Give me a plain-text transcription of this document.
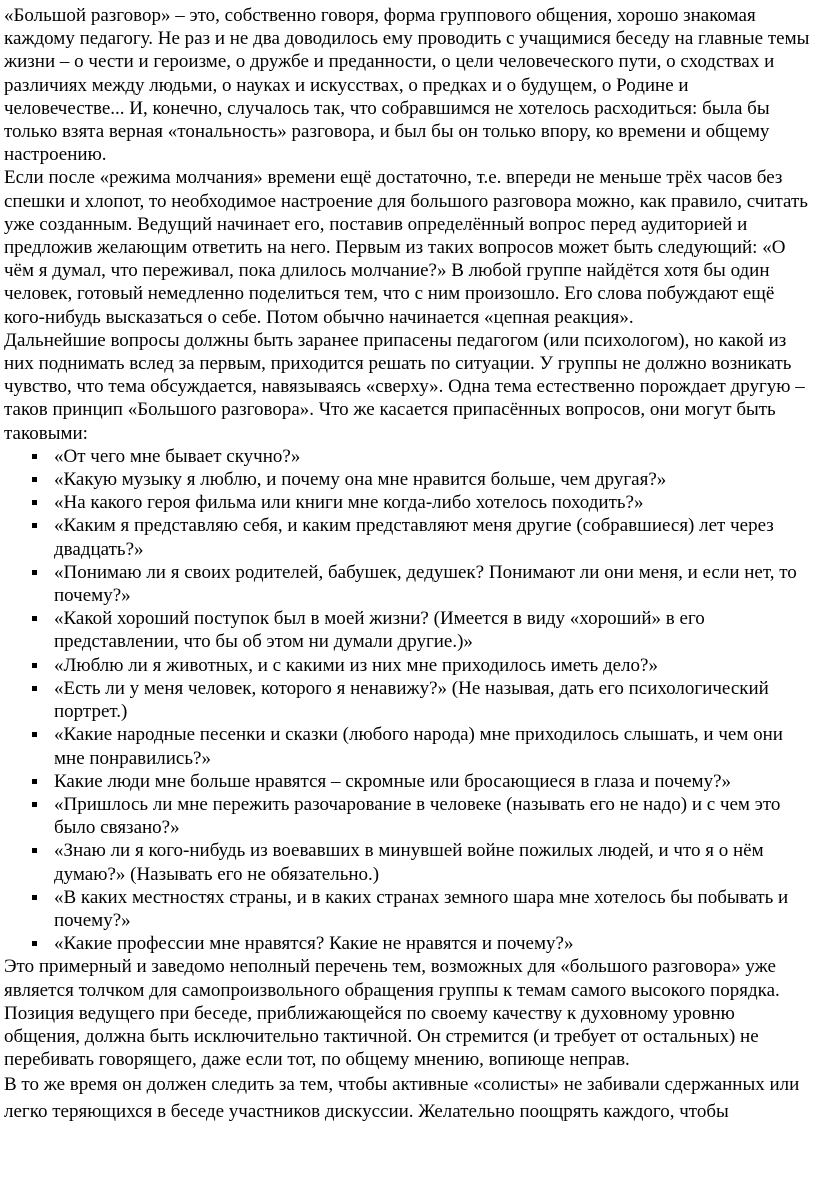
«Большой разговор» – это, собственно говоря, форма группового общения, хорошо знакомая каждому педагогу. Не раз и не два доводилось ему проводить с учащимися беседу на главные темы жизни – о чести и героизме, о дружбе и преданности, о цели человеческого пути, о сходствах и различиях между людьми, о науках и искусствах, о предках и о будущем, о Родине и человечестве... И, конечно, случалось так, что собравшимся не хотелось расходиться: была бы только взята верная «тональность» разговора, и был бы он только впору, ко времени и общему настроению.

Если после «режима молчания» времени ещё достаточно, т.е. впереди не меньше трёх часов без спешки и хлопот, то необходимое настроение для большого разговора можно, как правило, считать уже созданным. Ведущий начинает его, поставив определённый вопрос перед аудиторией и предложив желающим ответить на него. Первым из таких вопросов может быть следующий: «О чём я думал, что переживал, пока длилось молчание?» В любой группе найдётся хотя бы один человек, готовый немедленно поделиться тем, что с ним произошло. Его слова побуждают ещё кого-нибудь высказаться о себе. Потом обычно начинается «цепная реакция».

Дальнейшие вопросы должны быть заранее припасены педагогом (или психологом), но какой из них поднимать вслед за первым, приходится решать по ситуации. У группы не должно возникать чувство, что тема обсуждается, навязываясь «сверху». Одна тема естественно порождает другую – таков принцип «Большого разговора». Что же касается припасённых вопросов, они могут быть таковыми:

«От чего мне бывает скучно?»
«Какую музыку я люблю, и почему она мне нравится больше, чем другая?»
«На какого героя фильма или книги мне когда-либо хотелось походить?»
«Каким я представляю себя, и каким представляют меня другие (собравшиеся) лет через двадцать?»
«Понимаю ли я своих родителей, бабушек, дедушек? Понимают ли они меня, и если нет, то почему?»
«Какой хороший поступок был в моей жизни? (Имеется в виду «хороший» в его представлении, что бы об этом ни думали другие.)»
«Люблю ли я животных, и с какими из них мне приходилось иметь дело?»
«Есть ли у меня человек, которого я ненавижу?» (Не называя, дать его психологический портрет.)
«Какие народные песенки и сказки (любого народа) мне приходилось слышать, и чем они мне понравились?»
Какие люди мне больше нравятся – скромные или бросающиеся в глаза и почему?»
«Пришлось ли мне пережить разочарование в человеке (называть его не надо) и с чем это было связано?»
«Знаю ли я кого-нибудь из воевавших в минувшей войне пожилых людей, и что я о нём думаю?» (Называть его не обязательно.)
«В каких местностях страны, и в каких странах земного шара мне хотелось бы побывать и почему?»
«Какие профессии мне нравятся? Какие не нравятся и почему?»

Это примерный и заведомо неполный перечень тем, возможных для «большого разговора» уже является толчком для самопроизвольного обращения группы к темам самого высокого порядка.

Позиция ведущего при беседе, приближающейся по своему качеству к духовному уровню общения, должна быть исключительно тактичной. Он стремится (и требует от остальных) не перебивать говорящего, даже если тот, по общему мнению, вопиюще неправ.

В то же время он должен следить за тем, чтобы активные «солисты» не забивали сдержанных или легко теряющихся в беседе участников дискуссии. Желательно поощрять каждого, чтобы
